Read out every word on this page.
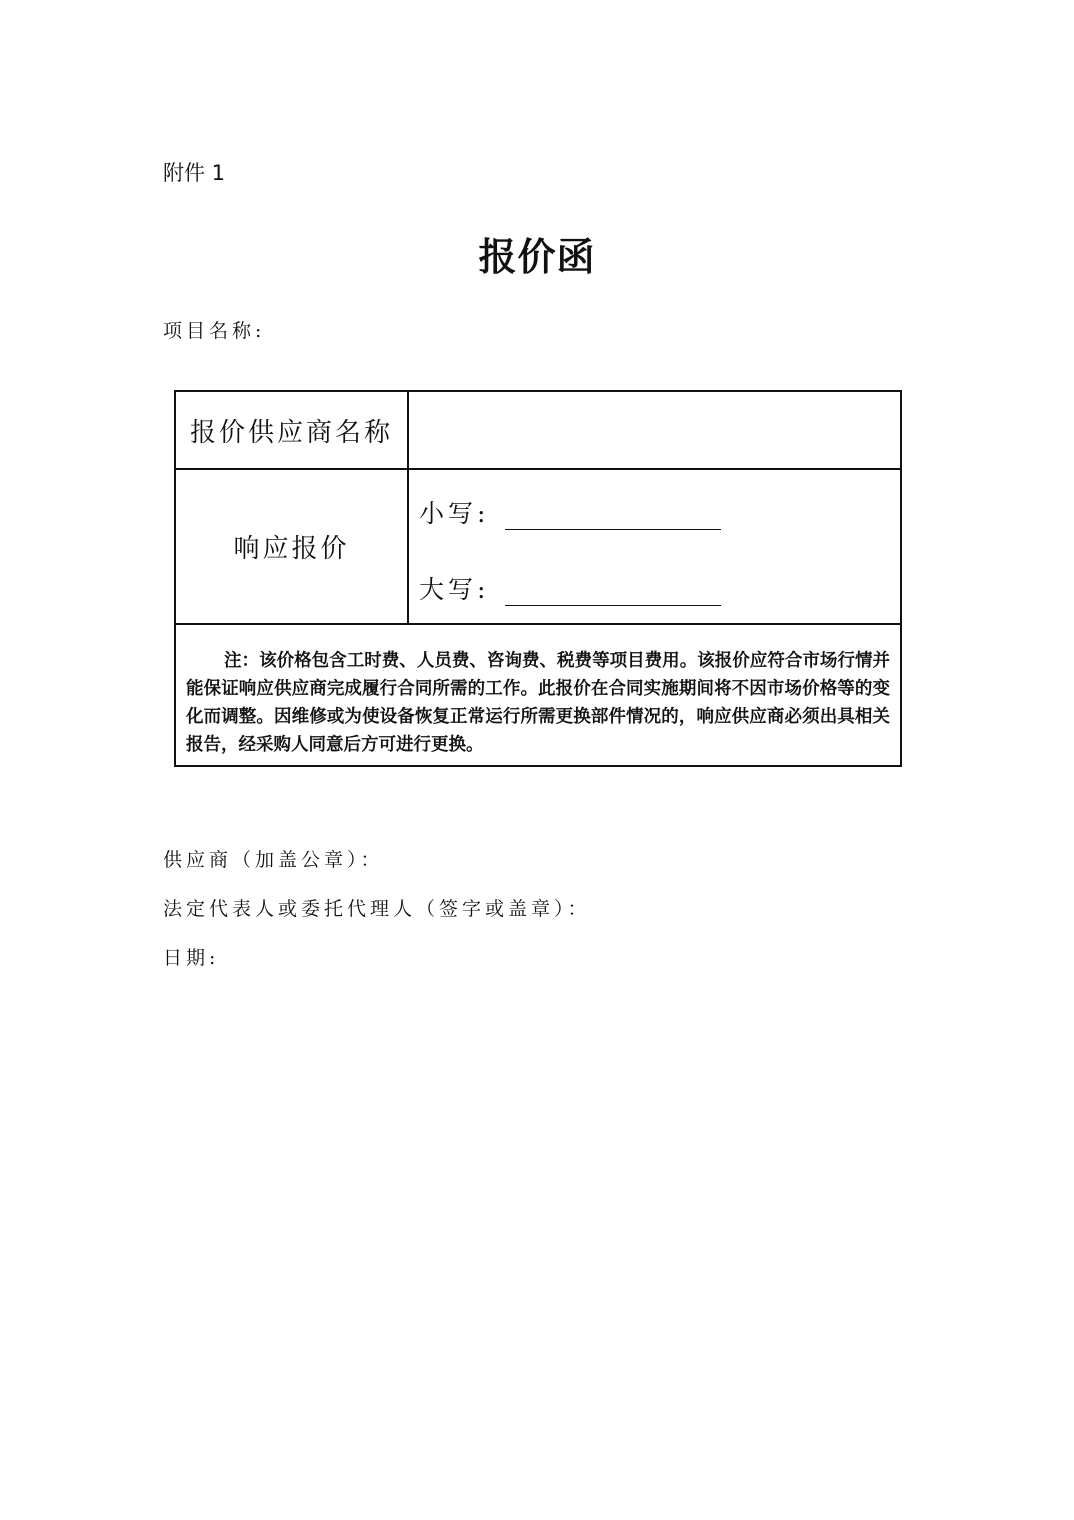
附件 1
报价函
项目名称:
报价供应商名称	
响应报价	小写:
大写:

注：该价格包含工时费、人员费、咨询费、税费等项目费用。该报价应符合市场行情并能保证响应供应商完成履行合同所需的工作。此报价在合同实施期间将不因市场价格等的变化而调整。因维修或为使设备恢复正常运行所需更换部件情况的，响应供应商必须出具相关报告，经采购人同意后方可进行更换。	
供应商（加盖公章）：
法定代表人或委托代理人（签字或盖章）：
日期:
